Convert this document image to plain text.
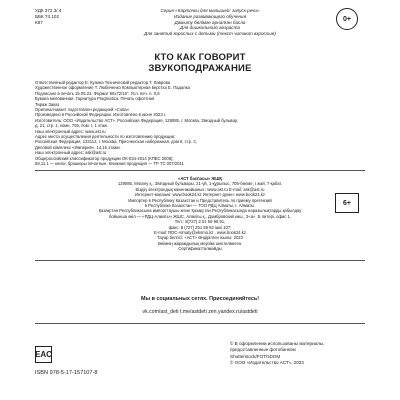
УДК 372.3/.4
ББК 74.102
К87
Серия «Карточки для малышей: запуск речи»
Издание развивающего обучения
Дамыту бөлімге арналған басла
Для дошкольного возраста
Для занятий взрослых с детьми (текст читают взрослые)
0+
КТО КАК ГОВОРИТ
ЗВУКОПОДРАЖАНИЕ
Ответственный редактор Е. Кузина Технический редактор Т. Лаврова
Художественное оформление Т. Любиченко Компьютерная верстка Е. Падалка
Подписано в печать 15.05.23. Формат 60x72/16". Усл. печ. л. 0,8
Бумага мелованная. Гарнитура Pragmatica. Печать офсетная
Тираж Заказ
Оригинал-макет подготовлен редакцией «Сова»
Произведено в Российской Федерации. Изготовлено в июне 2023 г.
Изготовитель: ООО «Издательство АСТ». Российская Федерация, 129085, г. Москва, Звездный бульвар,
д. 21, стр. 1, комн. 705, пом. I, 1 этаж.
Наш электронный адрес: www.ast.ru
Адрес места осуществления деятельности по изготовлению продукции:
Российская Федерация, 123112, г. Москва, Пресненская набережная, дом 6, стр. 2,
Деловой комплекс «Империя», 14,15 этажи.
Наш электронный адрес: ask@ast.ru
Общероссийский классификатор продукции ОК-034-2014 (КПЕС 2008);
58.11.1 — книги, брошюры печатные. Книжная продукция — ТР ТС 007/2011
«АСТ баспасы» ЖШҚ
129085, Мәскеу қ., Звёздный бульвары, 21-үй, 1-құрылыс, 705-бөлме, I жай, 7-қабат.
Біздің электрондық мекенжайымыз : www.ast.ru E-mail: ask@ast.ru
Интернет-магазин: www.book24.kz Интернет-дүкен: www.book24.kz
Импортер в Республику Казахстан и Представитель по приему претензий
в Республике Казахстан — ТОО РДЦ Алматы, г. Алматы.
Қазақстан Республикасына импорттаушы және Қазақстан Республикасында наразылықтарды қабылдау
бойынша өкіл — «РДЦ-Алматы» ЖШС, Алматы қ., Домбровский көш., 3«а», Б литері, офис 1.
Тел.: 8(727) 2 51 59 90,91,
факс: 8 (727) 251 59 92 ішкі 107;
E-mail: RDC-Almaty@eksmo.kz , www.book24.kz
Тауар белгісі: «АСТ» Өндірілген жылы: 2023
Өнімнің жарамдылық мерзімі шектелмеген.
Сертификатталмайды
6+
Мы в социальных сетях. Присоединяйтесь!
vk.com/ast_deti t.me/astdeti zen.yandex.ru/astdeti
EAC
ISBN 978-5-17-157107-8
© В оформлении использованы материалы,
предоставленные фотобанком
Shutterstock/FOTODOM
© ООО «Издательство АСТ», 2023
